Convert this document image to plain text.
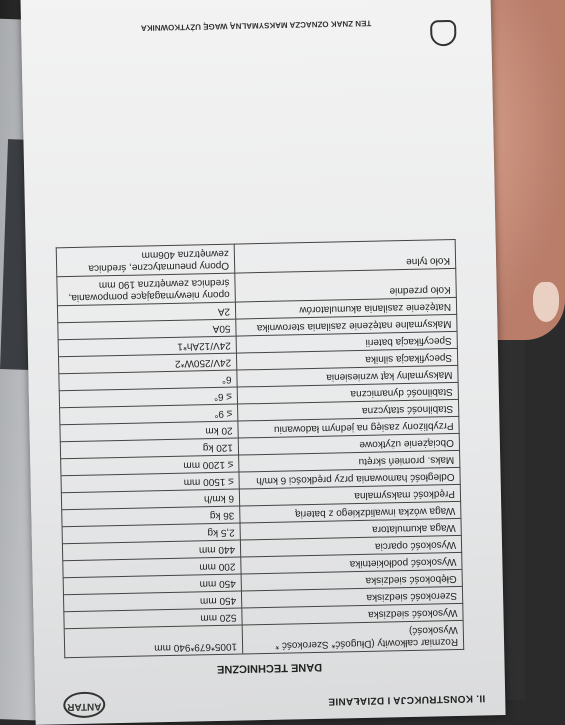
II. KONSTRUKCJA I DZIAŁANIE
ANTAR
DANE TECHNICZNE
Rozmiar całkowity (Długość* Szerokość * Wysokość)	1005*679*940 mm
Wysokość siedziska	520 mm
Szerokość siedziska	450 mm
Głębokość siedziska	450 mm
Wysokość podłokietnika	200 mm
Wysokość oparcia	440 mm
Waga akumulatora	2,5 kg
Waga wózka inwalidzkiego z baterią	36 kg
Prędkość maksymalna	6 km/h
Odległość hamowania przy prędkości 6 km/h	≤ 1500 mm
Maks. promień skrętu	≤ 1200 mm
Obciążenie użytkowe	120 kg
Przybliżony zasięg na jednym ładowaniu	20 km
Stabilność statyczna	≤ 9°
Stabilność dynamiczna	≤ 6°
Maksymalny kąt wzniesienia	6°
Specyfikacja silnika	24V/250W*2
Specyfikacja baterii	24V/12Ah*1
Maksymalne natężenie zasilania sterownika	50A
Natężenie zasilania akumulatorów	2A
Koło przednie	opony niewymagające pompowania, średnica zewnętrzna 190 mm
Koło tylne	Opony pneumatyczne, średnica zewnętrzna 406mm
TEN ZNAK OZNACZA MAKSYMALNĄ WAGĘ UŻYTKOWNIKA
